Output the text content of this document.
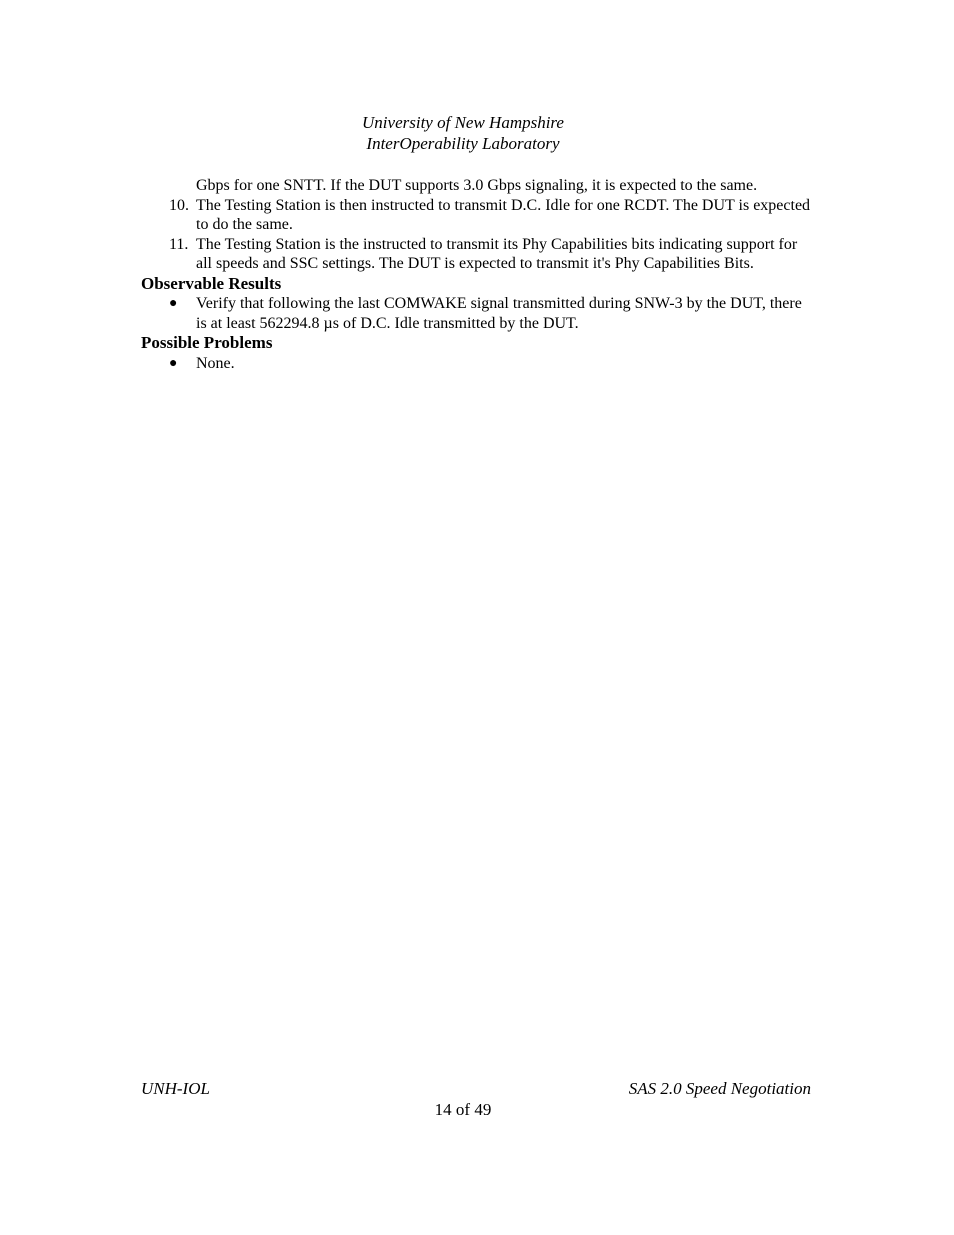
University of New Hampshire
InterOperability Laboratory
Gbps for one SNTT. If the DUT supports 3.0 Gbps signaling, it is expected to the same.
10. The Testing Station is then instructed to transmit D.C. Idle for one RCDT. The DUT is expected to do the same.
11. The Testing Station is the instructed to transmit its Phy Capabilities bits indicating support for all speeds and SSC settings. The DUT is expected to transmit it's Phy Capabilities Bits.
Observable Results
● Verify that following the last COMWAKE signal transmitted during SNW-3 by the DUT, there is at least 562294.8 µs of D.C. Idle transmitted by the DUT.
Possible Problems
● None.
UNH-IOL	SAS 2.0 Speed Negotiation
14 of 49
